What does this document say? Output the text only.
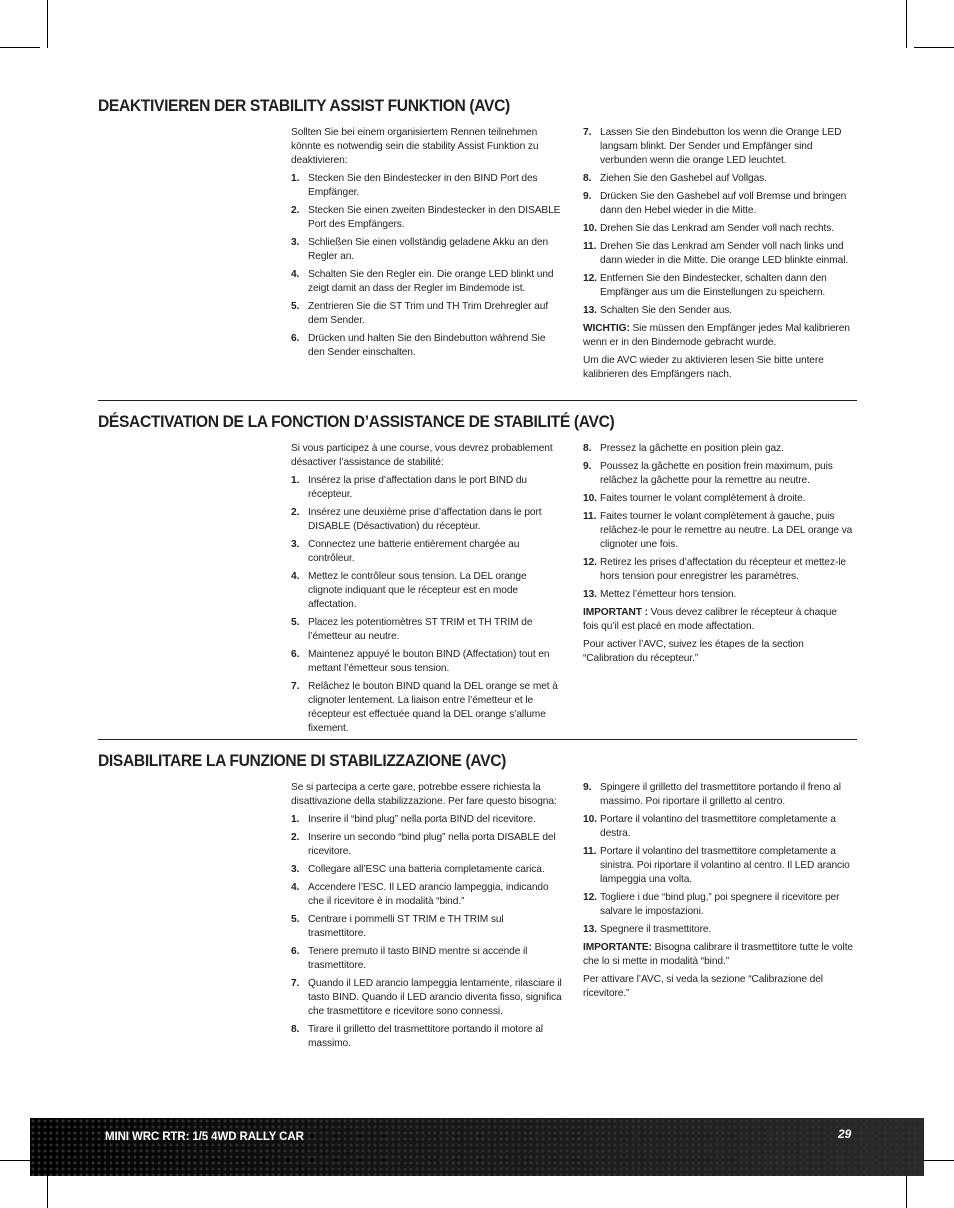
DEAKTIVIEREN DER STABILITY ASSIST FUNKTION (AVC)

Sollten Sie bei einem organisiertem Rennen teilnehmen könnte es notwendig sein die stability Assist Funktion zu deaktivieren:

1. Stecken Sie den Bindestecker in den BIND Port des Empfänger.
2. Stecken Sie einen zweiten Bindestecker in den DISABLE Port des Empfängers.
3. Schließen Sie einen vollständig geladene Akku an den Regler an.
4. Schalten Sie den Regler ein. Die orange LED blinkt und zeigt damit an dass der Regler im Bindemode ist.
5. Zentrieren Sie die ST Trim und TH Trim Drehregler auf dem Sender.
6. Drücken und halten Sie den Bindebutton während Sie den Sender einschalten.
7. Lassen Sie den Bindebutton los wenn die Orange LED langsam blinkt. Der Sender und Empfänger sind verbunden wenn die orange LED leuchtet.
8. Ziehen Sie den Gashebel auf Vollgas.
9. Drücken Sie den Gashebel auf voll Bremse und bringen dann den Hebel wieder in die Mitte.
10. Drehen Sie das Lenkrad am Sender voll nach rechts.
11. Drehen Sie das Lenkrad am Sender voll nach links und dann wieder in die Mitte. Die orange LED blinkte einmal.
12. Entfernen Sie den Bindestecker, schalten dann den Empfänger aus um die Einstellungen zu speichern.
13. Schalten Sie den Sender aus.

WICHTIG: Sie müssen den Empfänger jedes Mal kalibrieren wenn er in den Bindemode gebracht wurde.

Um die AVC wieder zu aktivieren lesen Sie bitte untere kalibrieren des Empfängers nach.

DÉSACTIVATION DE LA FONCTION D’ASSISTANCE DE STABILITÉ (AVC)

Si vous participez à une course, vous devrez probablement désactiver l’assistance de stabilité:

1. Insérez la prise d’affectation dans le port BIND du récepteur.
2. Insérez une deuxième prise d’affectation dans le port DISABLE (Désactivation) du récepteur.
3. Connectez une batterie entièrement chargée au contrôleur.
4. Mettez le contrôleur sous tension. La DEL orange clignote indiquant que le récepteur est en mode affectation.
5. Placez les potentiomètres ST TRIM et TH TRIM de l’émetteur au neutre.
6. Maintenez appuyé le bouton BIND (Affectation) tout en mettant l’émetteur sous tension.
7. Relâchez le bouton BIND quand la DEL orange se met à clignoter lentement. La liaison entre l’émetteur et le récepteur est effectuée quand la DEL orange s’allume fixement.
8. Pressez la gâchette en position plein gaz.
9. Poussez la gâchette en position frein maximum, puis relâchez la gâchette pour la remettre au neutre.
10. Faites tourner le volant complètement à droite.
11. Faites tourner le volant complètement à gauche, puis relâchez-le pour le remettre au neutre. La DEL orange va clignoter une fois.
12. Retirez les prises d’affectation du récepteur et mettez-le hors tension pour enregistrer les paramètres.
13. Mettez l’émetteur hors tension.

IMPORTANT : Vous devez calibrer le récepteur à chaque fois qu’il est placé en mode affectation.

Pour activer l’AVC, suivez les étapes de la section “Calibration du récepteur.”

DISABILITARE LA FUNZIONE DI STABILIZZAZIONE (AVC)

Se si partecipa a certe gare, potrebbe essere richiesta la disattivazione della stabilizzazione. Per fare questo bisogna:

1. Inserire il “bind plug” nella porta BIND del ricevitore.
2. Inserire un secondo “bind plug” nella porta DISABLE del ricevitore.
3. Collegare all’ESC una batteria completamente carica.
4. Accendere l’ESC. Il LED arancio lampeggia, indicando che il ricevitore è in modalità “bind.”
5. Centrare i pommelli ST TRIM e TH TRIM sul trasmettitore.
6. Tenere premuto il tasto BIND mentre si accende il trasmettitore.
7. Quando il LED arancio lampeggia lentamente, rilasciare il tasto BIND. Quando il LED arancio diventa fisso, significa che trasmettitore e ricevitore sono connessi.
8. Tirare il grilletto del trasmettitore portando il motore al massimo.
9. Spingere il grilletto del trasmettitore portando il freno al massimo. Poi riportare il grilletto al centro.
10. Portare il volantino del trasmettitore completamente a destra.
11. Portare il volantino del trasmettitore completamente a sinistra. Poi riportare il volantino al centro. Il LED arancio lampeggia una volta.
12. Togliere i due “bind plug,” poi spegnere il ricevitore per salvare le impostazioni.
13. Spegnere il trasmettitore.

IMPORTANTE: Bisogna calibrare il trasmettitore tutte le volte che lo si mette in modalità “bind.”

Per attivare l’AVC, si veda la sezione “Calibrazione del ricevitore.”

MINI WRC RTR: 1/5 4WD RALLY CAR	29
